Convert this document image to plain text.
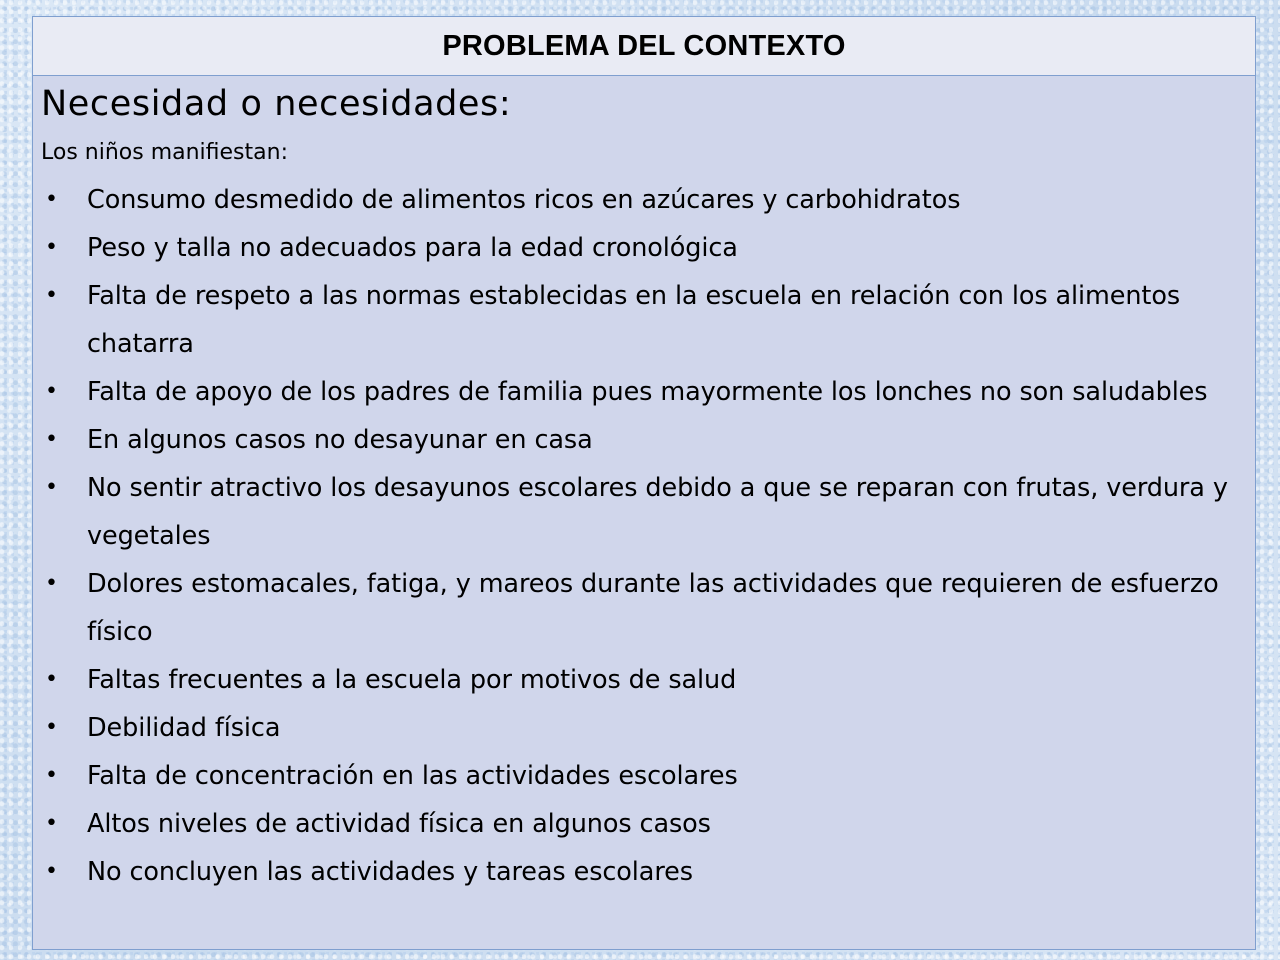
PROBLEMA DEL CONTEXTO
Necesidad o necesidades:

Los niños manifiestan:

• Consumo desmedido de alimentos ricos en azúcares y carbohidratos
• Peso y talla no adecuados para la edad cronológica
• Falta de respeto a las normas establecidas en la escuela en relación con los alimentos chatarra
• Falta de apoyo de los padres de familia pues mayormente los lonches no son saludables
• En algunos casos no desayunar en casa
• No sentir atractivo los desayunos escolares debido a que se reparan con frutas, verdura y vegetales
• Dolores estomacales, fatiga, y mareos durante las actividades que requieren de esfuerzo físico
• Faltas frecuentes a la escuela por motivos de salud
• Debilidad física
• Falta de concentración en las actividades escolares
• Altos niveles de actividad física en algunos casos
• No concluyen las actividades y tareas escolares
